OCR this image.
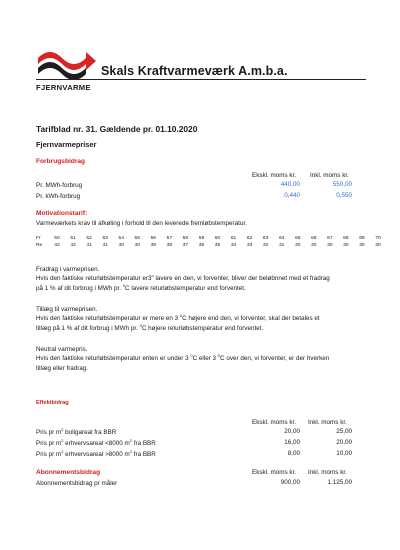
Skals Kraftvarmeværk A.m.b.a.
FJERNVARME
Tarifblad nr. 31. Gældende pr. 01.10.2020
Fjernvarmepriser
Forbrugsbidrag
Ekskl. moms kr. Inkl. moms kr.
Pr. MWh-forbrug	440,00	550,00
Pr. kWh-forbrug	0,440	0,550
Motivationstarif:
Varmeværkets krav til afkøling i forhold til den leverede fremløbstemperatur.
Fr	50	51	52	53	54	55	56	57	58	59	60	61	62	63	64	65	66	67	68	69	70
Re	42	42	41	41	40	40	39	38	37	36	35	34	33	32	31	30	30	30	30	30	30
Fradrag i varmeprisen.
Hvis den faktiske returløbstemperatur er3$^o$ lavere en den, vi forventer, bliver der beløbnnet med et fradrag
på 1 % af dit forbrug i MWh pr. $^0$C lavere returløbstemperatur end forventet.
Tillæg til varmeprisen.
Hvis den faktiske returløbstemperatur er mere en 3 $^0$C højere end den, vi forventer, skal der betales et
tillæg på 1 % af dit forbrug i MWh pr. $^0$C højere returløbstemperatur end forventet.
Neutral varmepris.
Hvis den faktiske returløbstemperatur enten er under 3 $^0$C eller 3 $^0$C over den, vi forventer, er der hverken
tillæg eller fradrag.
Effektbidrag
Ekskl. moms kr. Inkl. moms kr.
Pris pr $m^2$ boligareal fra BBR	20,00	25,00
Pris pr $m^2$ erhvervsareal <8000 $m^2$ fra BBR	16,00	20,00
Pris pr $m^2$ erhvervsareal >8000 $m^2$ fra BBR	8,00	10,00
Abonnementsbidrag	Ekskl. moms kr. Inkl. moms kr.
Abonnementsbidrag pr måler	900,00	1.125,00
